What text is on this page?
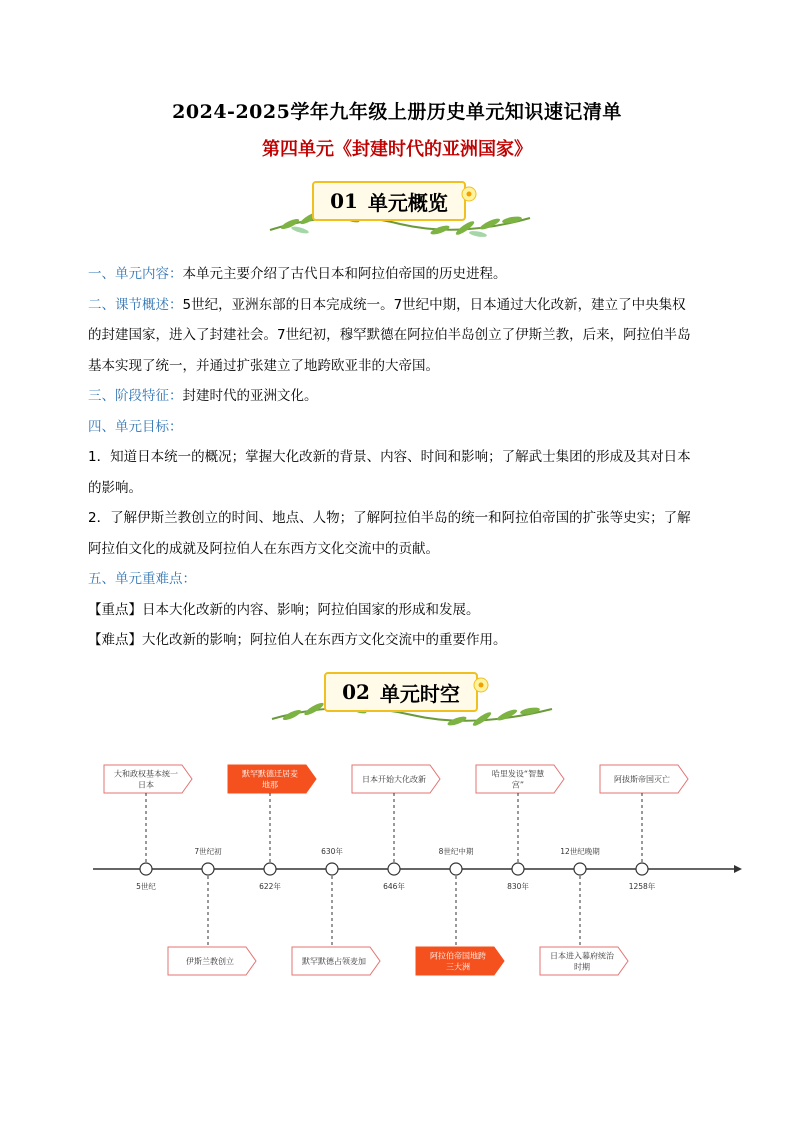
2024-2025学年九年级上册历史单元知识速记清单
第四单元《封建时代的亚洲国家》
01 单元概览

一、单元内容：本单元主要介绍了古代日本和阿拉伯帝国的历史进程。

二、课节概述：5世纪，亚洲东部的日本完成统一。7世纪中期，日本通过大化改新，建立了中央集权

的封建国家，进入了封建社会。7世纪初，穆罕默德在阿拉伯半岛创立了伊斯兰教，后来，阿拉伯半岛

基本实现了统一，并通过扩张建立了地跨欧亚非的大帝国。

三、阶段特征：封建时代的亚洲文化。

四、单元目标：

1．知道日本统一的概况；掌握大化改新的背景、内容、时间和影响；了解武士集团的形成及其对日本

的影响。

2．了解伊斯兰教创立的时间、地点、人物；了解阿拉伯半岛的统一和阿拉伯帝国的扩张等史实；了解

阿拉伯文化的成就及阿拉伯人在东西方文化交流中的贡献。

五、单元重难点：

【重点】日本大化改新的内容、影响；阿拉伯国家的形成和发展。

【难点】大化改新的影响；阿拉伯人在东西方文化交流中的重要作用。

02 单元时空
5世纪
7世纪初
622年
630年
646年
8世纪中期
830年
12世纪晚期
1258年
大和政权基本统一
日本
默罕默德迁居麦
地那
日本开始大化改新
哈里发设“智慧
宫”
阿拔斯帝国灭亡
伊斯兰教创立	默罕默德占领麦加
阿拉伯帝国地跨
三大洲
日本进入幕府统治
时期
